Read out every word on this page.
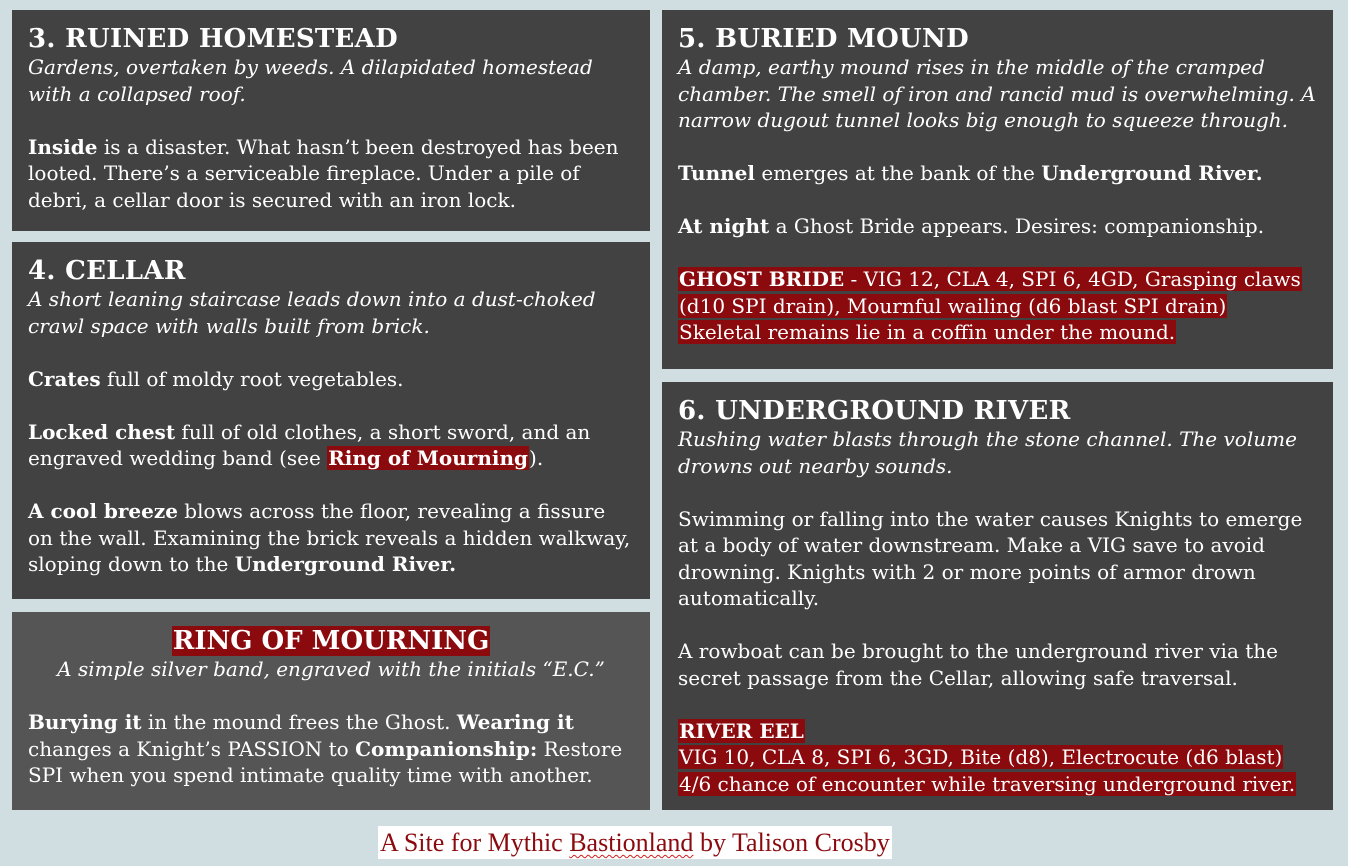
3. RUINED HOMESTEAD
Gardens, overtaken by weeds. A dilapidated homestead with a collapsed roof.

Inside is a disaster. What hasn’t been destroyed has been looted. There’s a serviceable fireplace. Under a pile of debri, a cellar door is secured with an iron lock.

4. CELLAR
A short leaning staircase leads down into a dust-choked crawl space with walls built from brick.

Crates full of moldy root vegetables.

Locked chest full of old clothes, a short sword, and an engraved wedding band (see Ring of Mourning).

A cool breeze blows across the floor, revealing a fissure on the wall. Examining the brick reveals a hidden walkway, sloping down to the Underground River.

RING OF MOURNING
A simple silver band, engraved with the initials “E.C.”

Burying it in the mound frees the Ghost. Wearing it changes a Knight’s PASSION to Companionship: Restore SPI when you spend intimate quality time with another.

5. BURIED MOUND
A damp, earthy mound rises in the middle of the cramped chamber. The smell of iron and rancid mud is overwhelming. A narrow dugout tunnel looks big enough to squeeze through.

Tunnel emerges at the bank of the Underground River.

At night a Ghost Bride appears. Desires: companionship.

GHOST BRIDE - VIG 12, CLA 4, SPI 6, 4GD, Grasping claws (d10 SPI drain), Mournful wailing (d6 blast SPI drain)
Skeletal remains lie in a coffin under the mound.

6. UNDERGROUND RIVER
Rushing water blasts through the stone channel. The volume drowns out nearby sounds.

Swimming or falling into the water causes Knights to emerge at a body of water downstream. Make a VIG save to avoid drowning. Knights with 2 or more points of armor drown automatically.

A rowboat can be brought to the underground river via the secret passage from the Cellar, allowing safe traversal.

RIVER EEL
VIG 10, CLA 8, SPI 6, 3GD, Bite (d8), Electrocute (d6 blast)
4/6 chance of encounter while traversing underground river.

A Site for Mythic Bastionland by Talison Crosby
